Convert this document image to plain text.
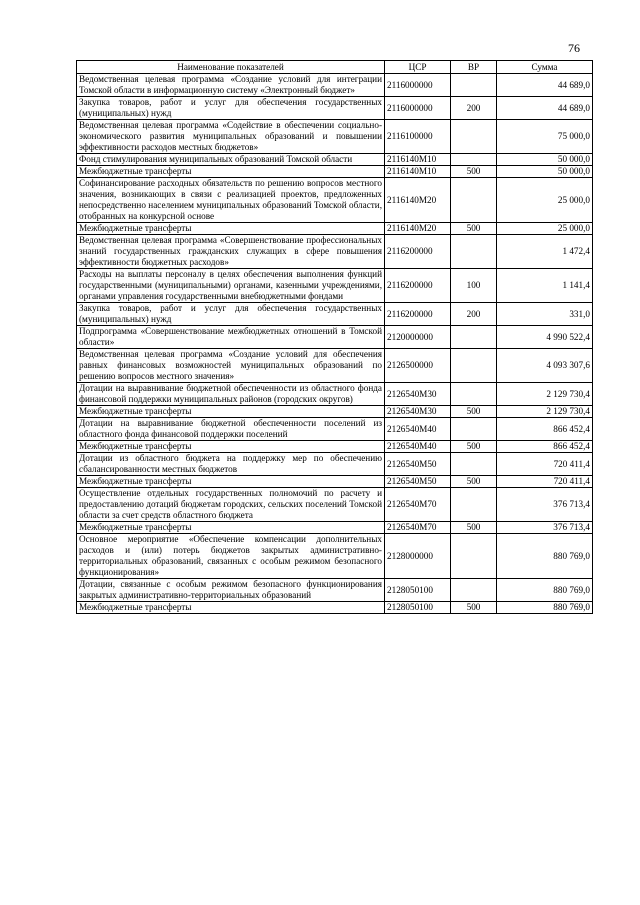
76
Наименование показателей	ЦСР	ВР	Сумма
Ведомственная целевая программа «Создание условий для интеграции Томской области в информационную систему «Электронный бюджет»	2116000000		44 689,0
Закупка товаров, работ и услуг для обеспечения государственных (муниципальных) нужд	2116000000	200	44 689,0
Ведомственная целевая программа «Содействие в обеспечении социально-экономического развития муниципальных образований и повышении эффективности расходов местных бюджетов»	2116100000		75 000,0
Фонд стимулирования муниципальных образований Томской области	2116140M10		50 000,0
Межбюджетные трансферты	2116140M10	500	50 000,0
Софинансирование расходных обязательств по решению вопросов местного значения, возникающих в связи с реализацией проектов, предложенных непосредственно населением муниципальных образований Томской области, отобранных на конкурсной основе	2116140M20		25 000,0
Межбюджетные трансферты	2116140M20	500	25 000,0
Ведомственная целевая программа «Совершенствование профессиональных знаний государственных гражданских служащих в сфере повышения эффективности бюджетных расходов»	2116200000		1 472,4
Расходы на выплаты персоналу в целях обеспечения выполнения функций государственными (муниципальными) органами, казенными учреждениями, органами управления государственными внебюджетными фондами	2116200000	100	1 141,4
Закупка товаров, работ и услуг для обеспечения государственных (муниципальных) нужд	2116200000	200	331,0
Подпрограмма «Совершенствование межбюджетных отношений в Томской области»	2120000000		4 990 522,4
Ведомственная целевая программа «Создание условий для обеспечения равных финансовых возможностей муниципальных образований по решению вопросов местного значения»	2126500000		4 093 307,6
Дотации на выравнивание бюджетной обеспеченности из областного фонда финансовой поддержки муниципальных районов (городских округов)	2126540M30		2 129 730,4
Межбюджетные трансферты	2126540M30	500	2 129 730,4
Дотации на выравнивание бюджетной обеспеченности поселений из областного фонда финансовой поддержки поселений	2126540M40		866 452,4
Межбюджетные трансферты	2126540M40	500	866 452,4
Дотации из областного бюджета на поддержку мер по обеспечению сбалансированности местных бюджетов	2126540M50		720 411,4
Межбюджетные трансферты	2126540M50	500	720 411,4
Осуществление отдельных государственных полномочий по расчету и предоставлению дотаций бюджетам городских, сельских поселений Томской области за счет средств областного бюджета	2126540M70		376 713,4
Межбюджетные трансферты	2126540M70	500	376 713,4
Основное мероприятие «Обеспечение компенсации дополнительных расходов и (или) потерь бюджетов закрытых административно-территориальных образований, связанных с особым режимом безопасного функционирования»	2128000000		880 769,0
Дотации, связанные с особым режимом безопасного функционирования закрытых административно-территориальных образований	2128050100		880 769,0
Межбюджетные трансферты	2128050100	500	880 769,0
